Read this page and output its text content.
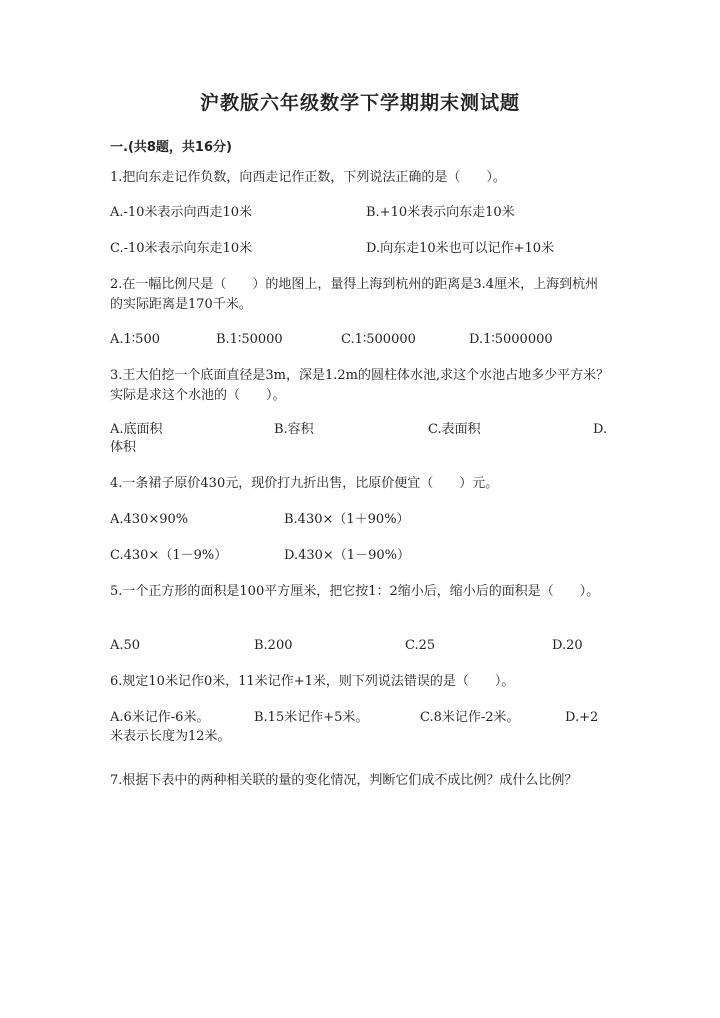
沪教版六年级数学下学期期末测试题
一.(共8题，共16分)
1.把向东走记作负数，向西走记作正数，下列说法正确的是（　　）。
A.-10米表示向西走10米	B.+10米表示向东走10米
C.-10米表示向东走10米	D.向东走10米也可以记作+10米
2.在一幅比例尺是（　　）的地图上，量得上海到杭州的距离是3.4厘米，上海到杭州的实际距离是170千米。
A.1∶500	B.1∶50000	C.1∶500000	D.1∶5000000
3.王大伯挖一个底面直径是3m，深是1.2m的圆柱体水池,求这个水池占地多少平方米？实际是求这个水池的（　　）。
A.底面积	B.容积	C.表面积	D.
体积
4.一条裙子原价430元，现价打九折出售，比原价便宜（　　）元。
A.430×90%	B.430×（1＋90%）
C.430×（1－9%）	D.430×（1－90%）
5.一个正方形的面积是100平方厘米，把它按1：2缩小后，缩小后的面积是（　　）。
A.50	B.200	C.25	D.20
6.规定10米记作0米，11米记作+1米，则下列说法错误的是（　　）。
A.6米记作-6米。	B.15米记作+5米。	C.8米记作-2米。	D.+2
米表示长度为12米。
7.根据下表中的两种相关联的量的变化情况，判断它们成不成比例？成什么比例？
